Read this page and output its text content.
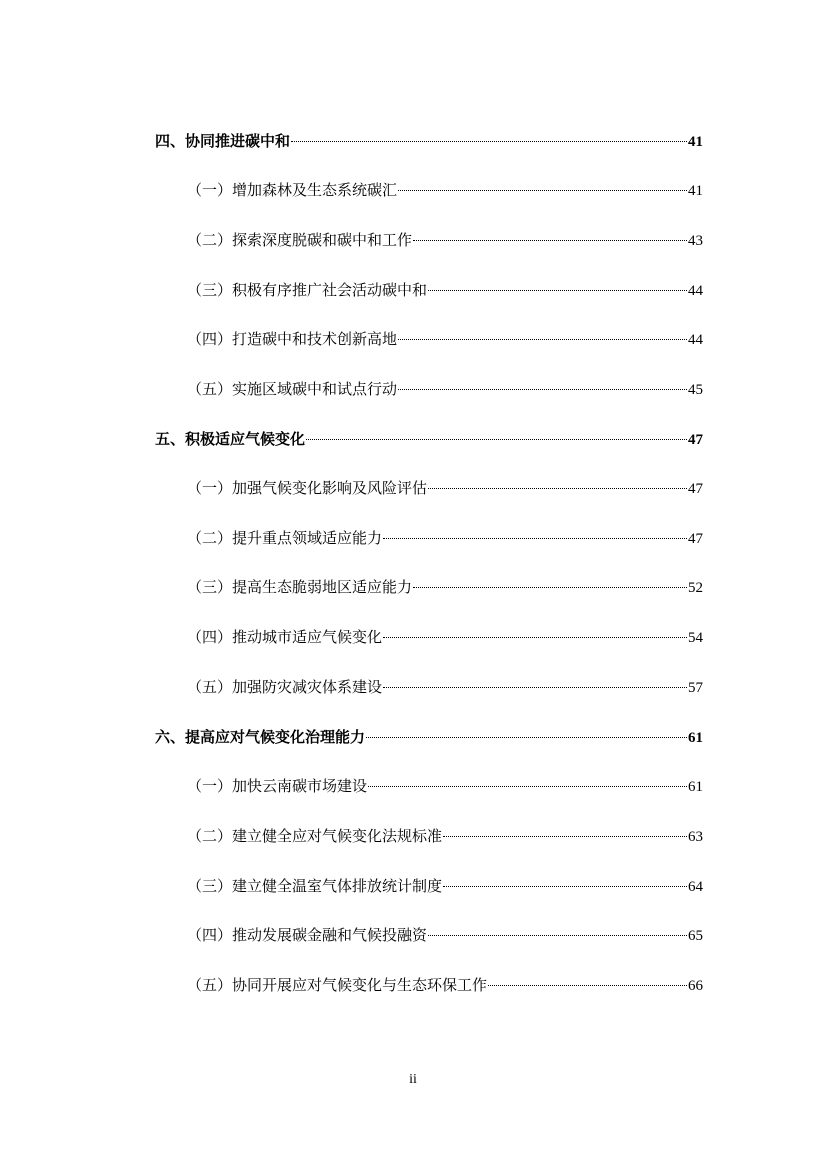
四、协同推进碳中和	41
（一）增加森林及生态系统碳汇	41
（二）探索深度脱碳和碳中和工作	43
（三）积极有序推广社会活动碳中和	44
（四）打造碳中和技术创新高地	44
（五）实施区域碳中和试点行动	45
五、积极适应气候变化	47
（一）加强气候变化影响及风险评估	47
（二）提升重点领域适应能力	47
（三）提高生态脆弱地区适应能力	52
（四）推动城市适应气候变化	54
（五）加强防灾减灾体系建设	57
六、提高应对气候变化治理能力	61
（一）加快云南碳市场建设	61
（二）建立健全应对气候变化法规标准	63
（三）建立健全温室气体排放统计制度	64
（四）推动发展碳金融和气候投融资	65
（五）协同开展应对气候变化与生态环保工作	66
ii
